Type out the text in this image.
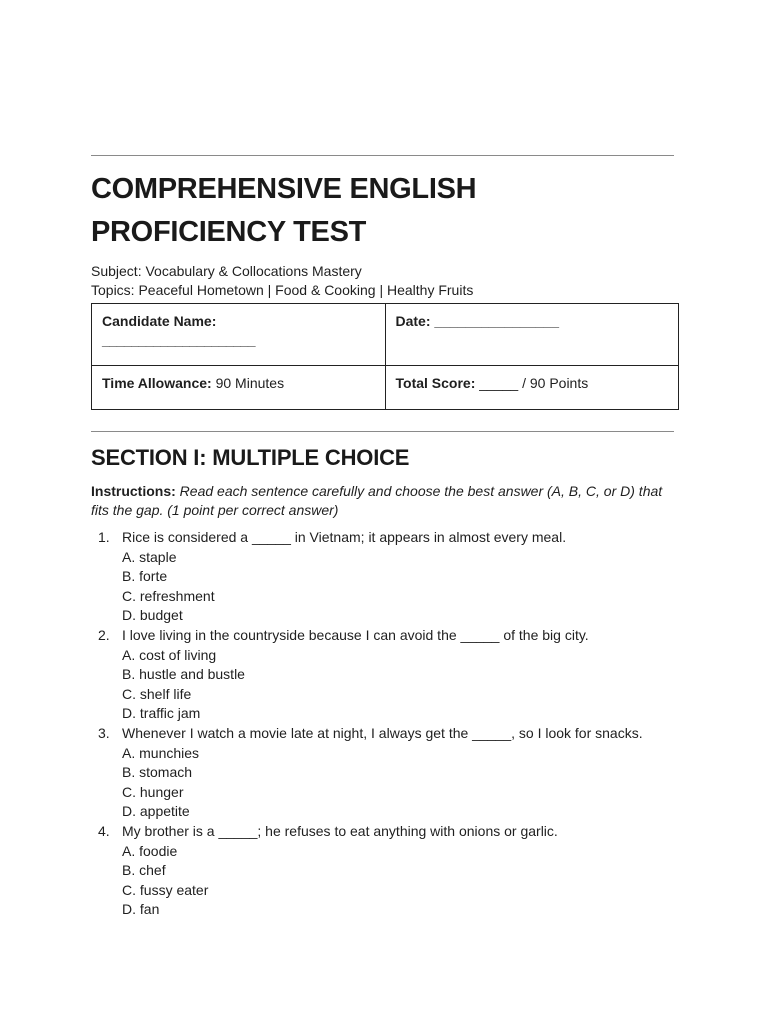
COMPREHENSIVE ENGLISH PROFICIENCY TEST
Subject: Vocabulary & Collocations Mastery
Topics: Peaceful Hometown | Food & Cooking | Healthy Fruits
Candidate Name:
_____________________	Date: ________________
Time Allowance: 90 Minutes	Total Score: _____ / 90 Points
SECTION I: MULTIPLE CHOICE
Instructions: Read each sentence carefully and choose the best answer (A, B, C, or D) that fits the gap. (1 point per correct answer)
1. Rice is considered a _____ in Vietnam; it appears in almost every meal.
A. staple
B. forte
C. refreshment
D. budget
2. I love living in the countryside because I can avoid the _____ of the big city.
A. cost of living
B. hustle and bustle
C. shelf life
D. traffic jam
3. Whenever I watch a movie late at night, I always get the _____, so I look for snacks.
A. munchies
B. stomach
C. hunger
D. appetite
4. My brother is a _____; he refuses to eat anything with onions or garlic.
A. foodie
B. chef
C. fussy eater
D. fan
